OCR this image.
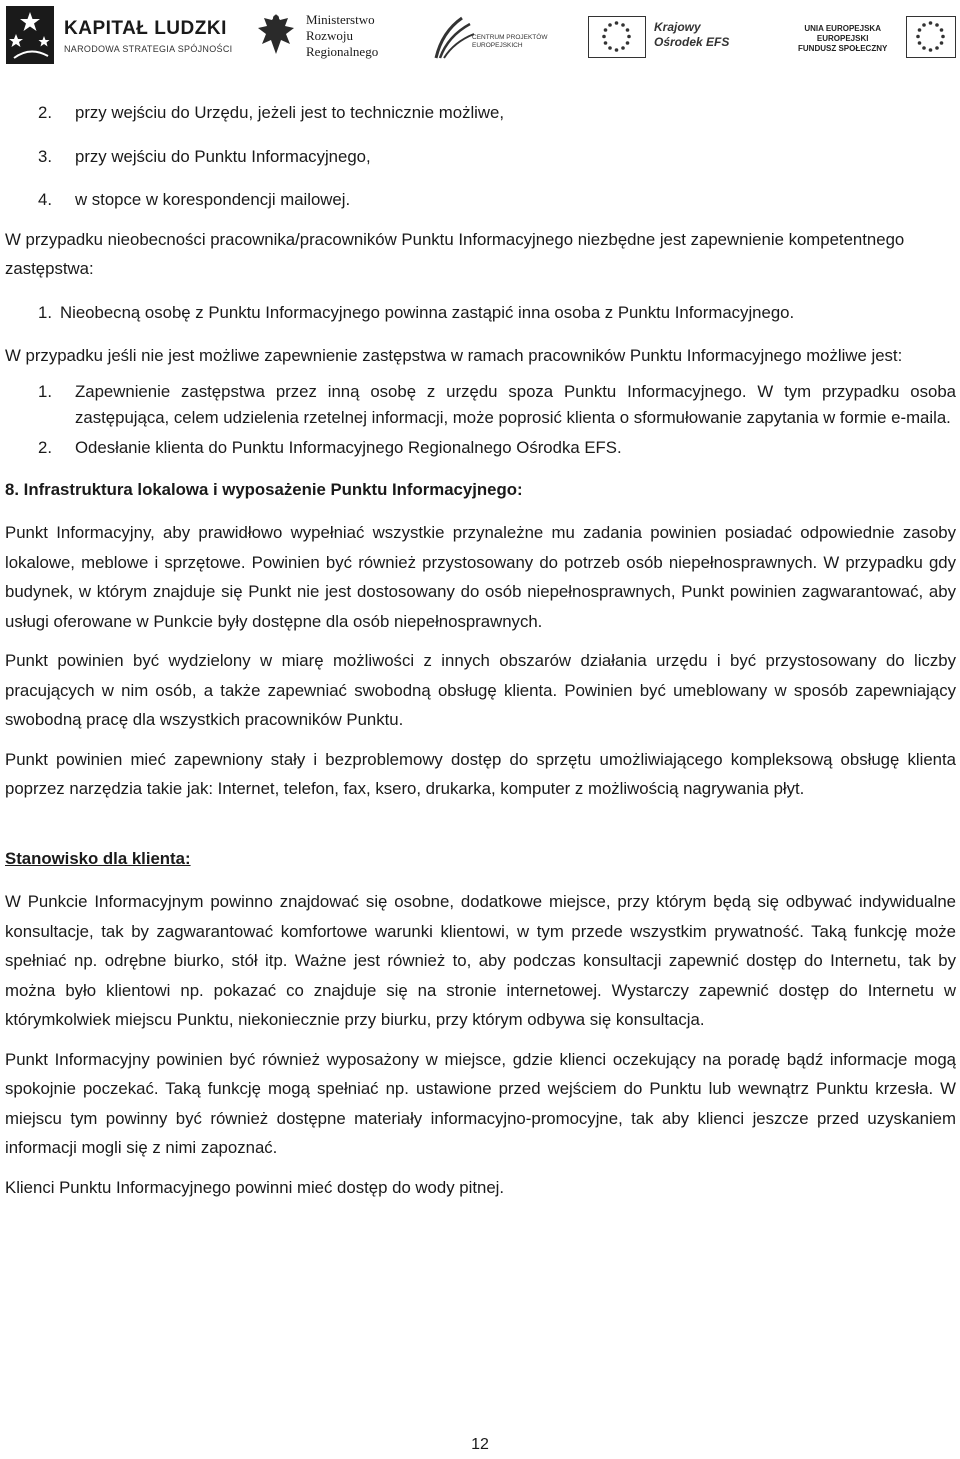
KAPITAŁ LUDZKI
NARODOWA STRATEGIA SPÓJNOŚCI
Ministerstwo
Rozwoju
Regionalnego
CENTRUM PROJEKTÓW
EUROPEJSKICH
Krajowy
Ośrodek EFS
UNIA EUROPEJSKA
EUROPEJSKI
FUNDUSZ SPOŁECZNY
2. przy wejściu do Urzędu, jeżeli jest to technicznie możliwe,
3. przy wejściu do Punktu Informacyjnego,
4. w stopce w korespondencji mailowej.

W przypadku nieobecności pracownika/pracowników Punktu Informacyjnego niezbędne jest zapewnienie kompetentnego zastępstwa:

1. Nieobecną osobę z Punktu Informacyjnego powinna zastąpić inna osoba z Punktu Informacyjnego.

W przypadku jeśli nie jest możliwe zapewnienie zastępstwa w ramach pracowników Punktu Informacyjnego możliwe jest:

1. Zapewnienie zastępstwa przez inną osobę z urzędu spoza Punktu Informacyjnego. W tym przypadku osoba zastępująca, celem udzielenia rzetelnej informacji, może poprosić klienta o sformułowanie zapytania w formie e-maila.
2. Odesłanie klienta do Punktu Informacyjnego Regionalnego Ośrodka EFS.

8. Infrastruktura lokalowa i wyposażenie Punktu Informacyjnego:

Punkt Informacyjny, aby prawidłowo wypełniać wszystkie przynależne mu zadania powinien posiadać odpowiednie zasoby lokalowe, meblowe i sprzętowe. Powinien być również przystosowany do potrzeb osób niepełnosprawnych. W przypadku gdy budynek, w którym znajduje się Punkt nie jest dostosowany do osób niepełnosprawnych, Punkt powinien zagwarantować, aby usługi oferowane w Punkcie były dostępne dla osób niepełnosprawnych.

Punkt powinien być wydzielony w miarę możliwości z innych obszarów działania urzędu i być przystosowany do liczby pracujących w nim osób, a także zapewniać swobodną obsługę klienta. Powinien być umeblowany w sposób zapewniający swobodną pracę dla wszystkich pracowników Punktu.

Punkt powinien mieć zapewniony stały i bezproblemowy dostęp do sprzętu umożliwiającego kompleksową obsługę klienta poprzez narzędzia takie jak: Internet, telefon, fax, ksero, drukarka, komputer z możliwością nagrywania płyt.

Stanowisko dla klienta:

W Punkcie Informacyjnym powinno znajdować się osobne, dodatkowe miejsce, przy którym będą się odbywać indywidualne konsultacje, tak by zagwarantować komfortowe warunki klientowi, w tym przede wszystkim prywatność. Taką funkcję może spełniać np. odrębne biurko, stół itp. Ważne jest również to, aby podczas konsultacji zapewnić dostęp do Internetu, tak by można było klientowi np. pokazać co znajduje się na stronie internetowej. Wystarczy zapewnić dostęp do Internetu w którymkolwiek miejscu Punktu, niekoniecznie przy biurku, przy którym odbywa się konsultacja.

Punkt Informacyjny powinien być również wyposażony w miejsce, gdzie klienci oczekujący na poradę bądź informacje mogą spokojnie poczekać. Taką funkcję mogą spełniać np. ustawione przed wejściem do Punktu lub wewnątrz Punktu krzesła. W miejscu tym powinny być również dostępne materiały informacyjno-promocyjne, tak aby klienci jeszcze przed uzyskaniem informacji mogli się z nimi zapoznać.

Klienci Punktu Informacyjnego powinni mieć dostęp do wody pitnej.

12
